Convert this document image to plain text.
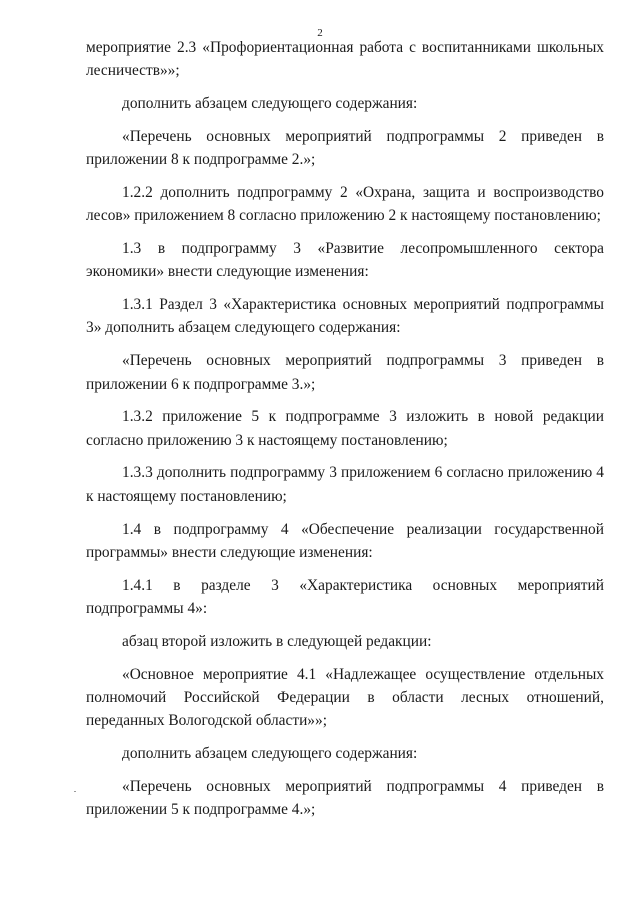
2

мероприятие 2.3 «Профориентационная работа с воспитанниками школьных лесничеств»»;

дополнить абзацем следующего содержания:

«Перечень основных мероприятий подпрограммы 2 приведен в приложении 8 к подпрограмме 2.»;

1.2.2 дополнить подпрограмму 2 «Охрана, защита и воспроизводство лесов» приложением 8 согласно приложению 2 к настоящему постановлению;

1.3 в подпрограмму 3 «Развитие лесопромышленного сектора экономики» внести следующие изменения:

1.3.1 Раздел 3 «Характеристика основных мероприятий подпрограммы 3» дополнить абзацем следующего содержания:

«Перечень основных мероприятий подпрограммы 3 приведен в приложении 6 к подпрограмме 3.»;

1.3.2 приложение 5 к подпрограмме 3 изложить в новой редакции согласно приложению 3 к настоящему постановлению;

1.3.3 дополнить подпрограмму 3 приложением 6 согласно приложению 4 к настоящему постановлению;

1.4 в подпрограмму 4 «Обеспечение реализации государственной программы» внести следующие изменения:

1.4.1 в разделе 3 «Характеристика основных мероприятий подпрограммы 4»:

абзац второй изложить в следующей редакции:

«Основное мероприятие 4.1 «Надлежащее осуществление отдельных полномочий Российской Федерации в области лесных отношений, переданных Вологодской области»»;

дополнить абзацем следующего содержания:

«Перечень основных мероприятий подпрограммы 4 приведен в приложении 5 к подпрограмме 4.»;
